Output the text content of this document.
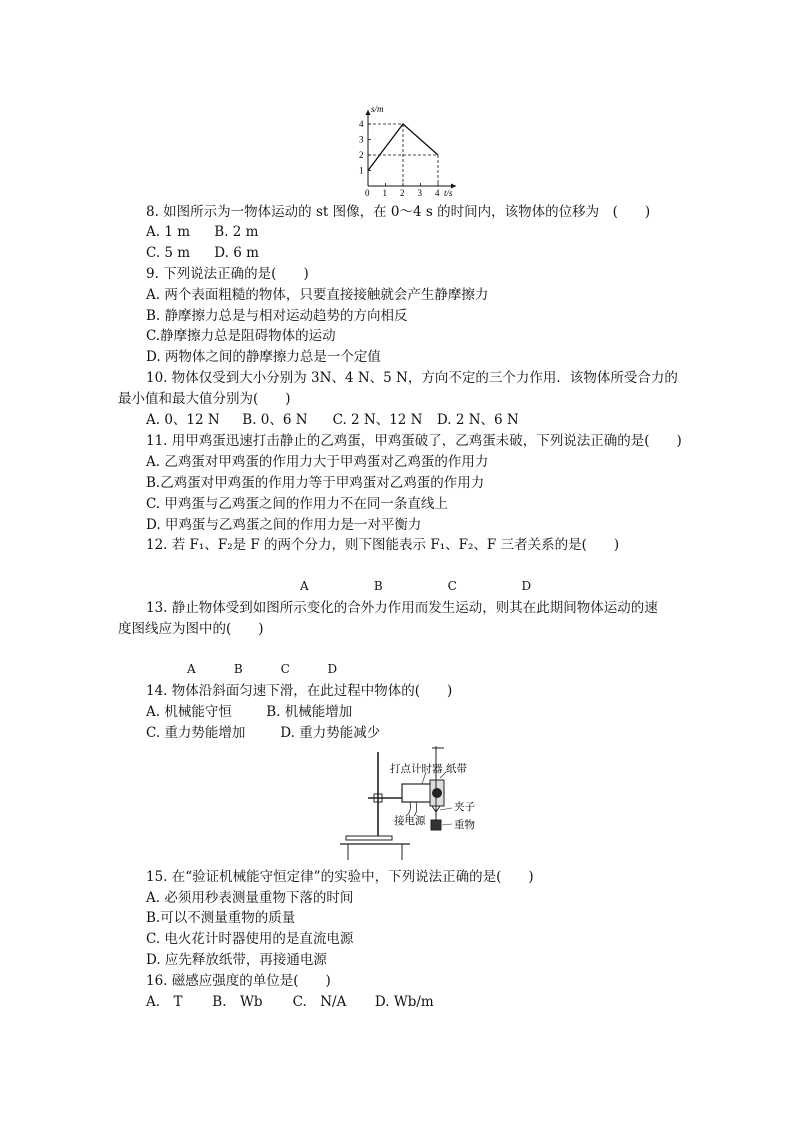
0 1 2 3 4
1
2
3
4
t/s
s/m
8. 如图所示为一物体运动的 st 图像，在 0～4 s 的时间内，该物体的位移为　(　　)
A. 1 m B. 2 m
C. 5 m D. 6 m
9. 下列说法正确的是(　　)
A. 两个表面粗糙的物体，只要直接接触就会产生静摩擦力
B. 静摩擦力总是与相对运动趋势的方向相反
C.静摩擦力总是阻碍物体的运动
D. 两物体之间的静摩擦力总是一个定值
10. 物体仅受到大小分别为 3N、4 N、5 N，方向不定的三个力作用．该物体所受合力的
最小值和最大值分别为(　　)
A. 0、12 N B. 0、6 N C. 2 N、12 N D. 2 N、6 N
11. 用甲鸡蛋迅速打击静止的乙鸡蛋，甲鸡蛋破了，乙鸡蛋未破，下列说法正确的是(　　)
A. 乙鸡蛋对甲鸡蛋的作用力大于甲鸡蛋对乙鸡蛋的作用力
B.乙鸡蛋对甲鸡蛋的作用力等于甲鸡蛋对乙鸡蛋的作用力
C. 甲鸡蛋与乙鸡蛋之间的作用力不在同一条直线上
D. 甲鸡蛋与乙鸡蛋之间的作用力是一对平衡力
12. 若 F₁、F₂是 F 的两个分力，则下图能表示 F₁、F₂、F 三者关系的是(　　)
A	B	C	D
13. 静止物体受到如图所示变化的合外力作用而发生运动，则其在此期间物体运动的速
度图线应为图中的(　　)
A	B	C	D
14. 物体沿斜面匀速下滑，在此过程中物体的(　　)
A. 机械能守恒	B. 机械能增加
C. 重力势能增加	D. 重力势能减少
打点计时器 纸带
夹子
接电源	重物
15. 在“验证机械能守恒定律”的实验中，下列说法正确的是(　　)
A. 必须用秒表测量重物下落的时间
B.可以不测量重物的质量
C. 电火花计时器使用的是直流电源
D. 应先释放纸带，再接通电源
16. 磁感应强度的单位是(　　)
A.　T B.　Wb C.　N/A D. Wb/m
